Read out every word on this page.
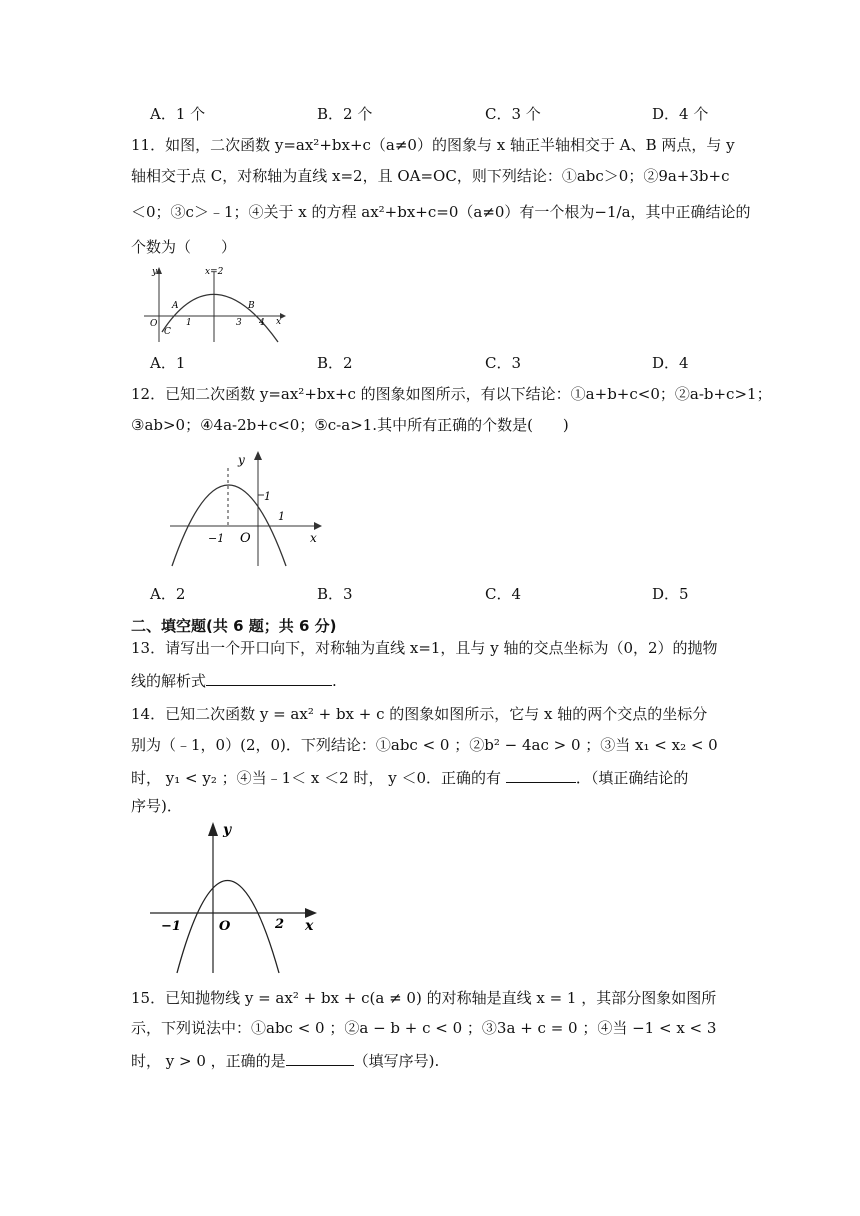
A．1 个	B．2 个	C．3 个	D．4 个
11．如图，二次函数 y=ax²+bx+c（a≠0）的图象与 x 轴正半轴相交于 A、B 两点，与 y
轴相交于点 C，对称轴为直线 x=2，且 OA=OC，则下列结论：①abc＞0；②9a+3b+c
＜0；③c＞﹣1；④关于 x 的方程 ax²+bx+c=0（a≠0）有一个根为−1/a，其中正确结论的
个数为（　　）
y	x=2
A	B
O
C
1	3 4 x
A．1	B．2	C．3	D．4
12．已知二次函数 y=ax²+bx+c 的图象如图所示，有以下结论：①a+b+c<0；②a-b+c>1；
③ab>0；④4a-2b+c<0；⑤c-a>1.其中所有正确的个数是(　　)
y
1
1
−1 O	x
A．2	B．3	C．4	D．5
二、填空题(共 6 题；共 6 分)
13．请写出一个开口向下，对称轴为直线 x=1，且与 y 轴的交点坐标为（0，2）的抛物
线的解析式	.
14．已知二次函数 y = ax² + bx + c 的图象如图所示，它与 x 轴的两个交点的坐标分
别为（﹣1，0）(2，0)．下列结论：①abc < 0 ；②b² − 4ac > 0 ；③当 x₁ < x₂ < 0
时， y₁ < y₂ ；④当﹣1＜ x ＜2 时， y ＜0．正确的有	．（填正确结论的
序号)．
y
−1	O	2 x
15．已知抛物线 y = ax² + bx + c(a ≠ 0) 的对称轴是直线 x = 1 ，其部分图象如图所
示，下列说法中：①abc < 0 ；②a − b + c < 0 ；③3a + c = 0 ；④当 −1 < x < 3
时， y > 0 ，正确的是	（填写序号).
